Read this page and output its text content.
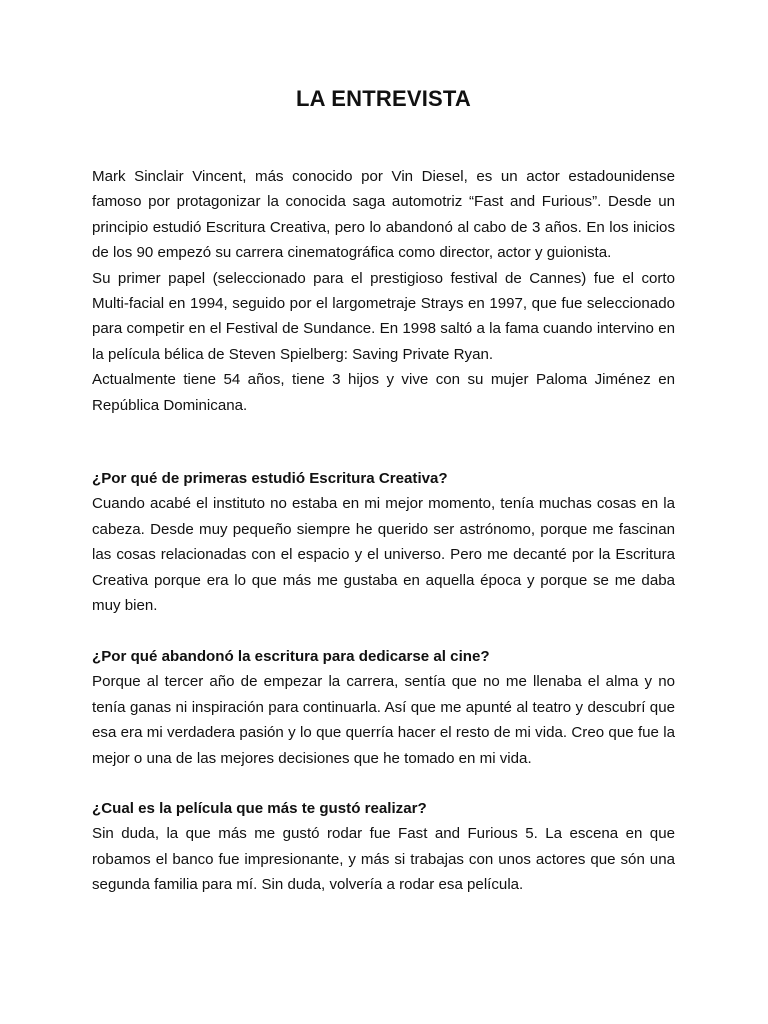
LA ENTREVISTA

Mark Sinclair Vincent, más conocido por Vin Diesel, es un actor estadounidense famoso por protagonizar la conocida saga automotriz “Fast and Furious”. Desde un principio estudió Escritura Creativa, pero lo abandonó al cabo de 3 años. En los inicios de los 90 empezó su carrera cinematográfica como director, actor y guionista.

Su primer papel (seleccionado para el prestigioso festival de Cannes) fue el corto Multi-facial en 1994, seguido por el largometraje Strays en 1997, que fue seleccionado para competir en el Festival de Sundance. En 1998 saltó a la fama cuando intervino en la película bélica de Steven Spielberg: Saving Private Ryan.

Actualmente tiene 54 años, tiene 3 hijos y vive con su mujer Paloma Jiménez en República Dominicana.

¿Por qué de primeras estudió Escritura Creativa?

Cuando acabé el instituto no estaba en mi mejor momento, tenía muchas cosas en la cabeza. Desde muy pequeño siempre he querido ser astrónomo, porque me fascinan las cosas relacionadas con el espacio y el universo. Pero me decanté por la Escritura Creativa porque era lo que más me gustaba en aquella época y porque se me daba muy bien.

¿Por qué abandonó la escritura para dedicarse al cine?

Porque al tercer año de empezar la carrera, sentía que no me llenaba el alma y no tenía ganas ni inspiración para continuarla. Así que me apunté al teatro y descubrí que esa era mi verdadera pasión y lo que querría hacer el resto de mi vida. Creo que fue la mejor o una de las mejores decisiones que he tomado en mi vida.

¿Cual es la película que más te gustó realizar?

Sin duda, la que más me gustó rodar fue Fast and Furious 5. La escena en que robamos el banco fue impresionante, y más si trabajas con unos actores que són una segunda familia para mí. Sin duda, volvería a rodar esa película.
